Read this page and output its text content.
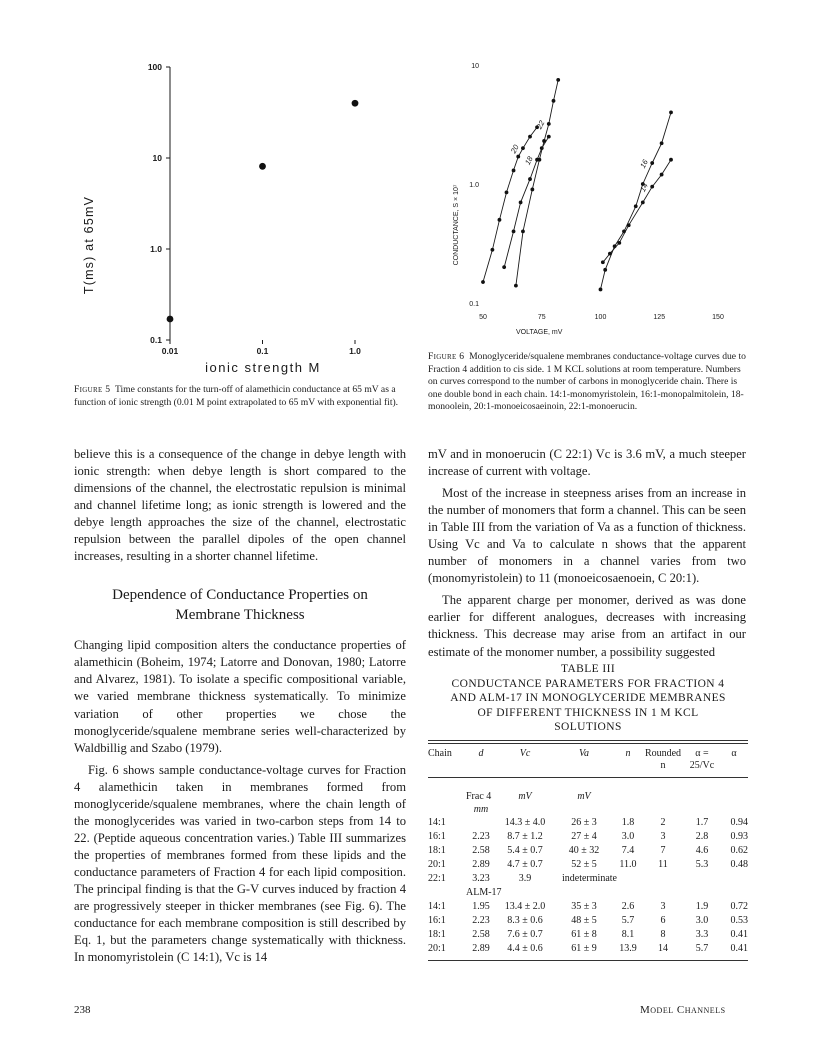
0.1
1.0
10
100
0.01	0.1	1.0
T(ms) at 65mV
ionic strength M
Figure 5 Time constants for the turn-off of alamethicin conductance at 65 mV as a function of ionic strength (0.01 M point extrapolated to 65 mV with exponential fit).
0.1
1.0
10
50	75	100	125	150
20
18
22
16
14
CONDUCTANCE, S × 10⁷
VOLTAGE, mV
Figure 6 Monoglyceride/squalene membranes conductance-voltage curves due to Fraction 4 addition to cis side. 1 M KCL solutions at room temperature. Numbers on curves correspond to the number of carbons in monoglyceride chain. There is one double bond in each chain. 14:1-monomyristolein, 16:1-monopalmitolein, 18-monoolein, 20:1-monoeicosaeinoin, 22:1-monoerucin.

believe this is a consequence of the change in debye length with ionic strength: when debye length is short compared to the dimensions of the channel, the electrostatic repulsion is minimal and channel lifetime long; as ionic strength is lowered and the debye length approaches the size of the channel, electrostatic repulsion between the parallel dipoles of the open channel increases, resulting in a shorter channel lifetime.

Dependence of Conductance Properties on
Membrane Thickness

Changing lipid composition alters the conductance properties of alamethicin (Boheim, 1974; Latorre and Donovan, 1980; Latorre and Alvarez, 1981). To isolate a specific compositional variable, we varied membrane thickness systematically. To minimize variation of other properties we chose the monoglyceride/squalene membrane series well-characterized by Waldbillig and Szabo (1979).

Fig. 6 shows sample conductance-voltage curves for Fraction 4 alamethicin taken in membranes formed from monoglyceride/squalene membranes, where the chain length of the monoglycerides was varied in two-carbon steps from 14 to 22. (Peptide aqueous concentration varies.) Table III summarizes the properties of membranes formed from these lipids and the conductance parameters of Fraction 4 for each lipid composition. The principal finding is that the G-V curves induced by fraction 4 are progressively steeper in thicker membranes (see Fig. 6). The conductance for each membrane composition is still described by Eq. 1, but the parameters change systematically with thickness. In monomyristolein (C 14:1), Vc is 14

mV and in monoerucin (C 22:1) Vc is 3.6 mV, a much steeper increase of current with voltage.

Most of the increase in steepness arises from an increase in the number of monomers that form a channel. This can be seen in Table III from the variation of Va as a function of thickness. Using Vc and Va to calculate n shows that the apparent number of monomers in a channel varies from two (monomyristolein) to 11 (monoeicosaenoein, C 20:1).

The apparent charge per monomer, derived as was done earlier for different analogues, decreases with increasing thickness. This decrease may arise from an artifact in our estimate of the monomer number, a possibility suggested

TABLE III
CONDUCTANCE PARAMETERS FOR FRACTION 4
AND ALM-17 IN MONOGLYCERIDE MEMBRANES
OF DIFFERENT THICKNESS IN 1 M KCL
SOLUTIONS
Chain	d	Vc	Va	n	Rounded n	α = 25/Vc	α

	Frac 4	mV	mV				
	mm						
14:1		14.3 ± 4.0	26 ± 3	1.8	2	1.7	0.94
16:1	2.23	8.7 ± 1.2	27 ± 4	3.0	3	2.8	0.93
18:1	2.58	5.4 ± 0.7	40 ± 32	7.4	7	4.6	0.62
20:1	2.89	4.7 ± 0.7	52 ± 5	11.0	11	5.3	0.48
22:1	3.23	3.9	indeterminate				
	ALM-17						
14:1	1.95	13.4 ± 2.0	35 ± 3	2.6	3	1.9	0.72
16:1	2.23	8.3 ± 0.6	48 ± 5	5.7	6	3.0	0.53
18:1	2.58	7.6 ± 0.7	61 ± 8	8.1	8	3.3	0.41
20:1	2.89	4.4 ± 0.6	61 ± 9	13.9	14	5.7	0.41

238	Model Channels
